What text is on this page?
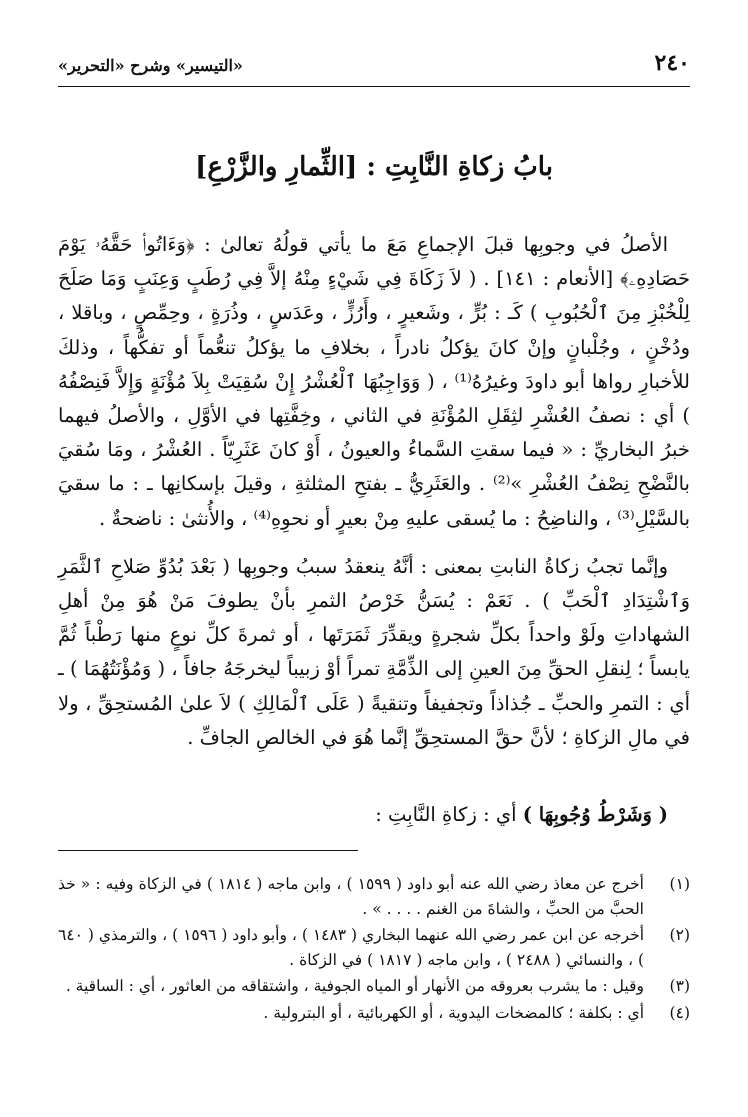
٢٤٠
«التيسير» وشرح «التحرير»
بابُ زكاةِ النَّابِتِ : [الثِّمارِ والزَّرْعِ]

الأصلُ في وجوبِها قبلَ الإجماعِ مَعَ ما يأتي قولُهُ تعالىٰ : ﴿وَءَاتُوا۟ حَقَّهُۥ يَوْمَ حَصَادِهِۦ﴾ [الأنعام : ١٤١] . ( لاَ زَكَاةَ فِي شَيْءٍ مِنْهُ إلاَّ فِي رُطَبٍ وَعِنَبٍ وَمَا صَلَحَ لِلْخُبْزِ مِنَ ٱلْحُبُوبِ ) كَـ : بُرٍّ ، وشَعيرٍ ، وأَرُزٍّ ، وعَدَسٍ ، وذُرَةٍ ، وحِمِّصٍ ، وباقلا ، ودُخْنٍ ، وجُلْبانٍ وإنْ كانَ يؤكلُ نادراً ، بخلافِ ما يؤكلُ تنعُّماً أو تفكُّهاً ، وذلكَ للأخبارِ رواها أبو داودَ وغيرُهُ⁽¹⁾ ، ( وَوَاجِبُهَا ٱلْعُشْرُ إِنْ سُقِيَتْ بِلاَ مُؤْنَةٍ وَإِلاَّ فَنِصْفُهُ ) أي : نصفُ العُشْرِ لثِقَلِ المُؤْنَةِ في الثاني ، وخِفَّتِها في الأوَّلِ ، والأصلُ فيهما خبرُ البخاريِّ : « فيما سقتِ السَّماءُ والعيونُ ، أَوْ كانَ عَثَرِيّاً . العُشْرُ ، ومَا سُقيَ بالنَّضْحِ نِصْفُ العُشْرِ »⁽²⁾ . والعَثَرِيُّ ـ بفتحِ المثلثةِ ، وقيلَ بإسكانِها ـ : ما سقيَ بالسَّيْلِ⁽³⁾ ، والناضِحُ : ما يُسقى عليهِ مِنْ بعيرٍ أو نحوِهِ⁽⁴⁾ ، والأُنثىٰ : ناضحةٌ .

وإنَّما تجبُ زكاةُ النابتِ بمعنى : أنَّهُ ينعقدُ سببُ وجوبِها ( بَعْدَ بُدُوِّ صَلاحِ ٱلثَّمَرِ وَٱشْتِدَادِ ٱلْحَبِّ ) . نَعَمْ : يُسَنُّ خَرْصُ الثمرِ بأنْ يطوفَ مَنْ هُوَ مِنْ أهلِ الشهاداتِ ولَوْ واحداً بكلِّ شجرةٍ ويقدِّرَ ثَمَرَتَها ، أو ثمرةَ كلِّ نوعٍ منها رَطْباً ثُمَّ يابساً ؛ لِنقلِ الحقِّ مِنَ العينِ إلى الذِّمَّةِ تمراً أوْ زبيباً ليخرجَهُ جافاً ، ( وَمُؤْنَتُهُمَا ) ـ أي : التمرِ والحبِّ ـ جُذاذاً وتجفيفاً وتنقيةً ( عَلَى ٱلْمَالِكِ ) لاَ علىٰ المُستحِقِّ ، ولا في مالِ الزكاةِ ؛ لأنَّ حقَّ المستحِقِّ إنَّما هُوَ في الخالصِ الجافِّ .

( وَشَرْطُ وُجُوبِهَا ) أي : زكاةِ النَّابِتِ :
(١)
أخرج عن معاذ رضي الله عنه أبو داود ( ١٥٩٩ ) ، وابن ماجه ( ١٨١٤ ) في الزكاة وفيه : « خذ الحبَّ من الحبِّ ، والشاةَ من الغنم . . . . » .
(٢)
أخرجه عن ابن عمر رضي الله عنهما البخاري ( ١٤٨٣ ) ، وأبو داود ( ١٥٩٦ ) ، والترمذي ( ٦٤٠ ) ، والنسائي ( ٢٤٨٨ ) ، وابن ماجه ( ١٨١٧ ) في الزكاة .
(٣)
وقيل : ما يشرب بعروقه من الأنهار أو المياه الجوفية ، واشتقاقه من العاثور ، أي : الساقية .
(٤)
أي : بكلفة ؛ كالمضخات اليدوية ، أو الكهربائية ، أو البترولية .
